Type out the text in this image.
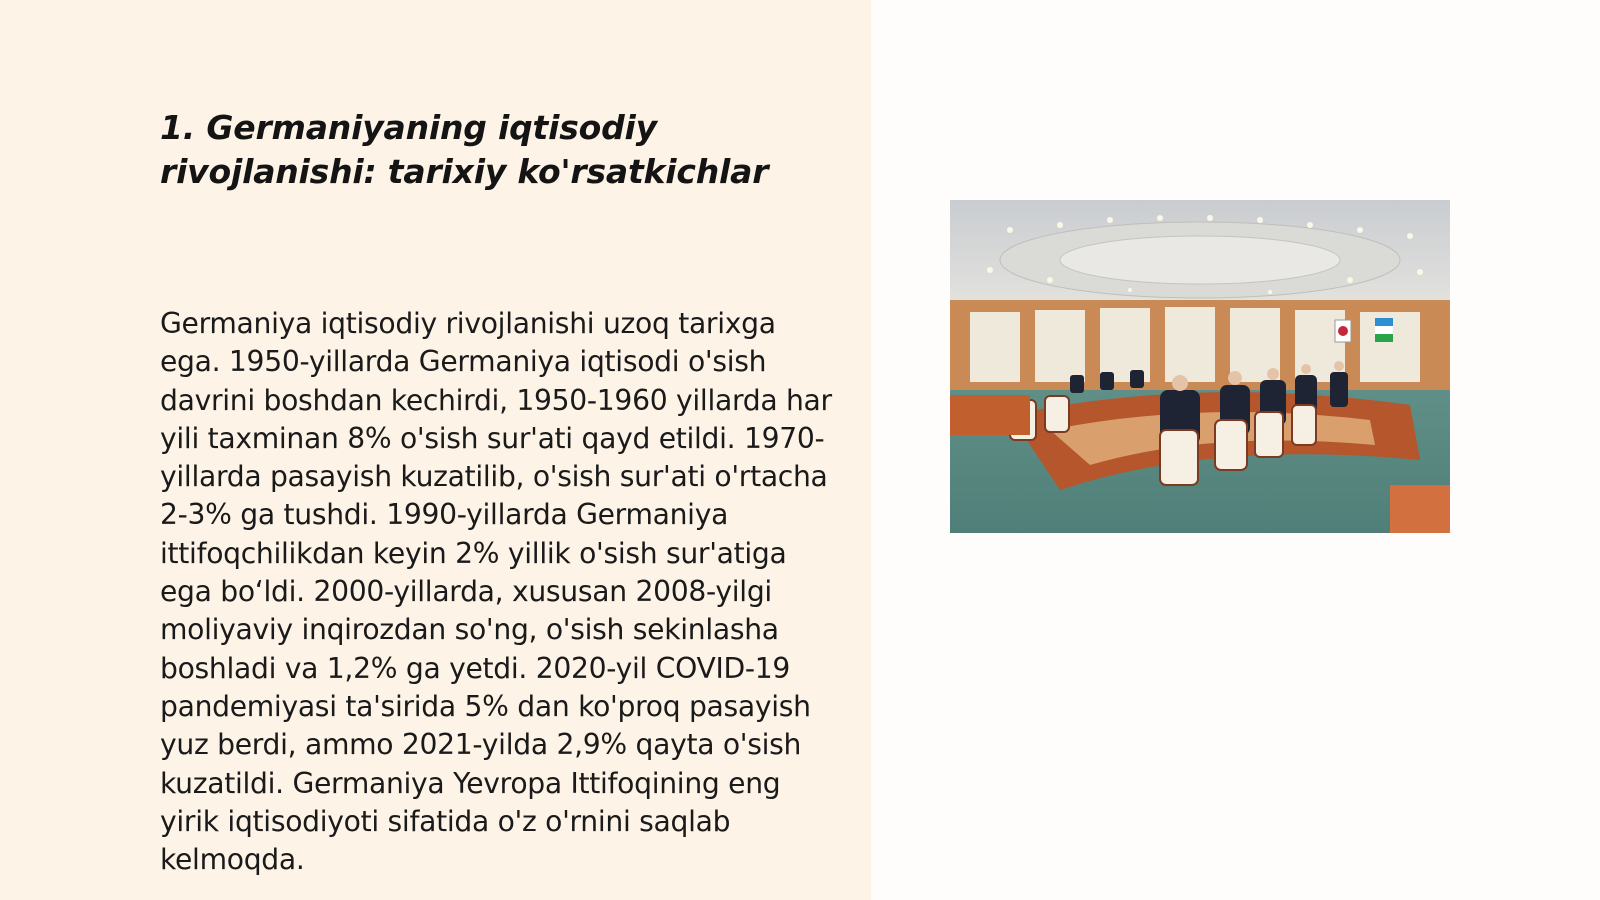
1. Germaniyaning iqtisodiy rivojlanishi: tarixiy ko'rsatkichlar

Germaniya iqtisodiy rivojlanishi uzoq tarixga ega. 1950-yillarda Germaniya iqtisodi o'sish davrini boshdan kechirdi, 1950-1960 yillarda har yili taxminan 8% o'sish sur'ati qayd etildi. 1970-yillarda pasayish kuzatilib, o'sish sur'ati o'rtacha 2-3% ga tushdi. 1990-yillarda Germaniya ittifoqchilikdan keyin 2% yillik o'sish sur'atiga ega bo‘ldi. 2000-yillarda, xususan 2008-yilgi moliyaviy inqirozdan so'ng, o'sish sekinlasha boshladi va 1,2% ga yetdi. 2020-yil COVID-19 pandemiyasi ta'sirida 5% dan ko'proq pasayish yuz berdi, ammo 2021-yilda 2,9% qayta o'sish kuzatildi. Germaniya Yevropa Ittifoqining eng yirik iqtisodiyoti sifatida o'z o'rnini saqlab kelmoqda.
